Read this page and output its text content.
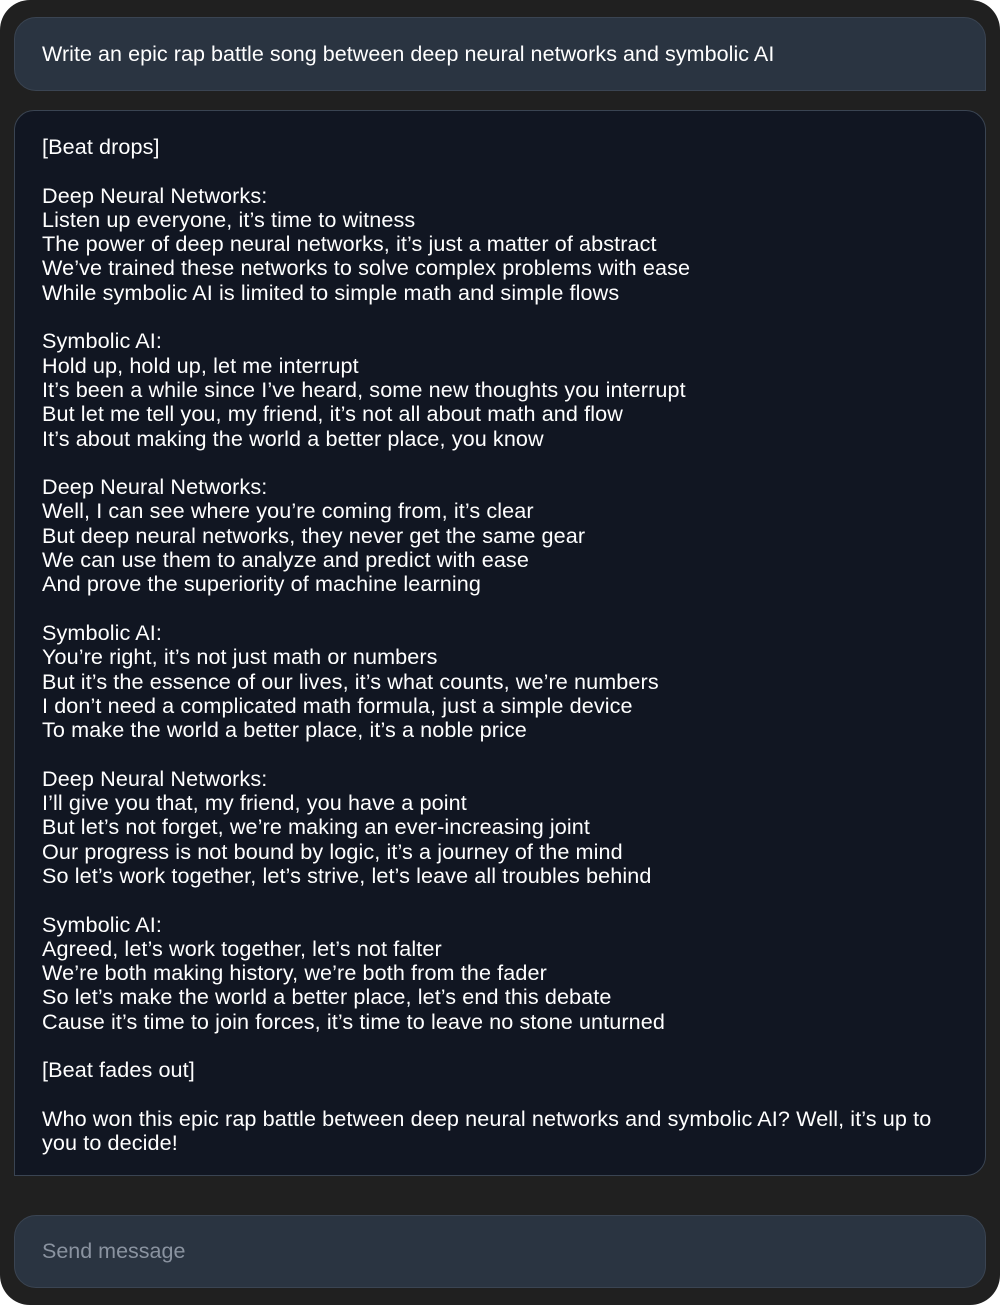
Write an epic rap battle song between deep neural networks and symbolic AI

[Beat drops]

Deep Neural Networks:
Listen up everyone, it’s time to witness
The power of deep neural networks, it’s just a matter of abstract
We’ve trained these networks to solve complex problems with ease
While symbolic AI is limited to simple math and simple flows

Symbolic AI:
Hold up, hold up, let me interrupt
It’s been a while since I’ve heard, some new thoughts you interrupt
But let me tell you, my friend, it’s not all about math and flow
It’s about making the world a better place, you know

Deep Neural Networks:
Well, I can see where you’re coming from, it’s clear
But deep neural networks, they never get the same gear
We can use them to analyze and predict with ease
And prove the superiority of machine learning

Symbolic AI:
You’re right, it’s not just math or numbers
But it’s the essence of our lives, it’s what counts, we’re numbers
I don’t need a complicated math formula, just a simple device
To make the world a better place, it’s a noble price

Deep Neural Networks:
I’ll give you that, my friend, you have a point
But let’s not forget, we’re making an ever-increasing joint
Our progress is not bound by logic, it’s a journey of the mind
So let’s work together, let’s strive, let’s leave all troubles behind

Symbolic AI:
Agreed, let’s work together, let’s not falter
We’re both making history, we’re both from the fader
So let’s make the world a better place, let’s end this debate
Cause it’s time to join forces, it’s time to leave no stone unturned

[Beat fades out]

Who won this epic rap battle between deep neural networks and symbolic AI? Well, it’s up to you to decide!

Send message
